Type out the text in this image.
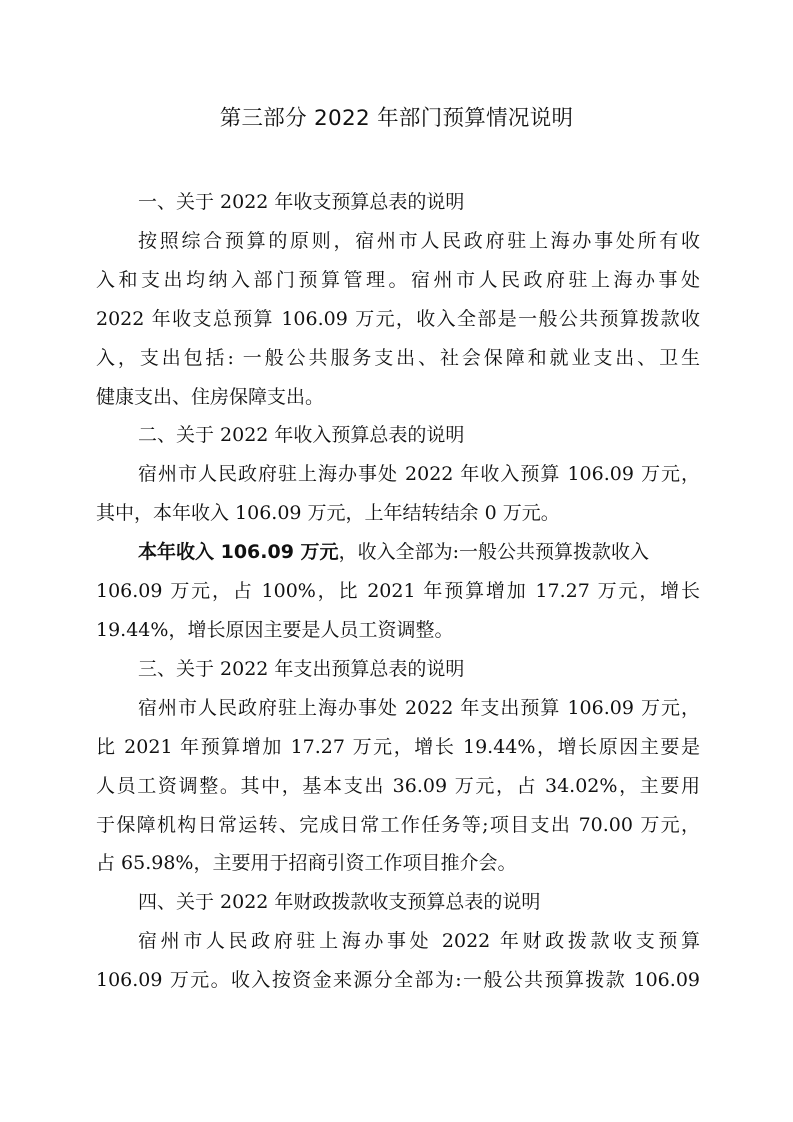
第三部分 2022 年部门预算情况说明

一、关于 2022 年收支预算总表的说明

按照综合预算的原则，宿州市人民政府驻上海办事处所有收

入和支出均纳入部门预算管理。宿州市人民政府驻上海办事处

2022 年收支总预算 106.09 万元，收入全部是一般公共预算拨款收

入，支出包括: 一般公共服务支出、社会保障和就业支出、卫生

健康支出、住房保障支出。

二、关于 2022 年收入预算总表的说明

宿州市人民政府驻上海办事处 2022 年收入预算 106.09 万元，

其中，本年收入 106.09 万元，上年结转结余 0 万元。

本年收入 106.09 万元，收入全部为:一般公共预算拨款收入

106.09 万元，占 100%，比 2021 年预算增加 17.27 万元，增长

19.44%，增长原因主要是人员工资调整。

三、关于 2022 年支出预算总表的说明

宿州市人民政府驻上海办事处 2022 年支出预算 106.09 万元，

比 2021 年预算增加 17.27 万元，增长 19.44%，增长原因主要是

人员工资调整。其中，基本支出 36.09 万元，占 34.02%，主要用

于保障机构日常运转、完成日常工作任务等;项目支出 70.00 万元，

占 65.98%，主要用于招商引资工作项目推介会。

四、关于 2022 年财政拨款收支预算总表的说明

宿州市人民政府驻上海办事处 2022 年财政拨款收支预算

106.09 万元。收入按资金来源分全部为:一般公共预算拨款 106.09
